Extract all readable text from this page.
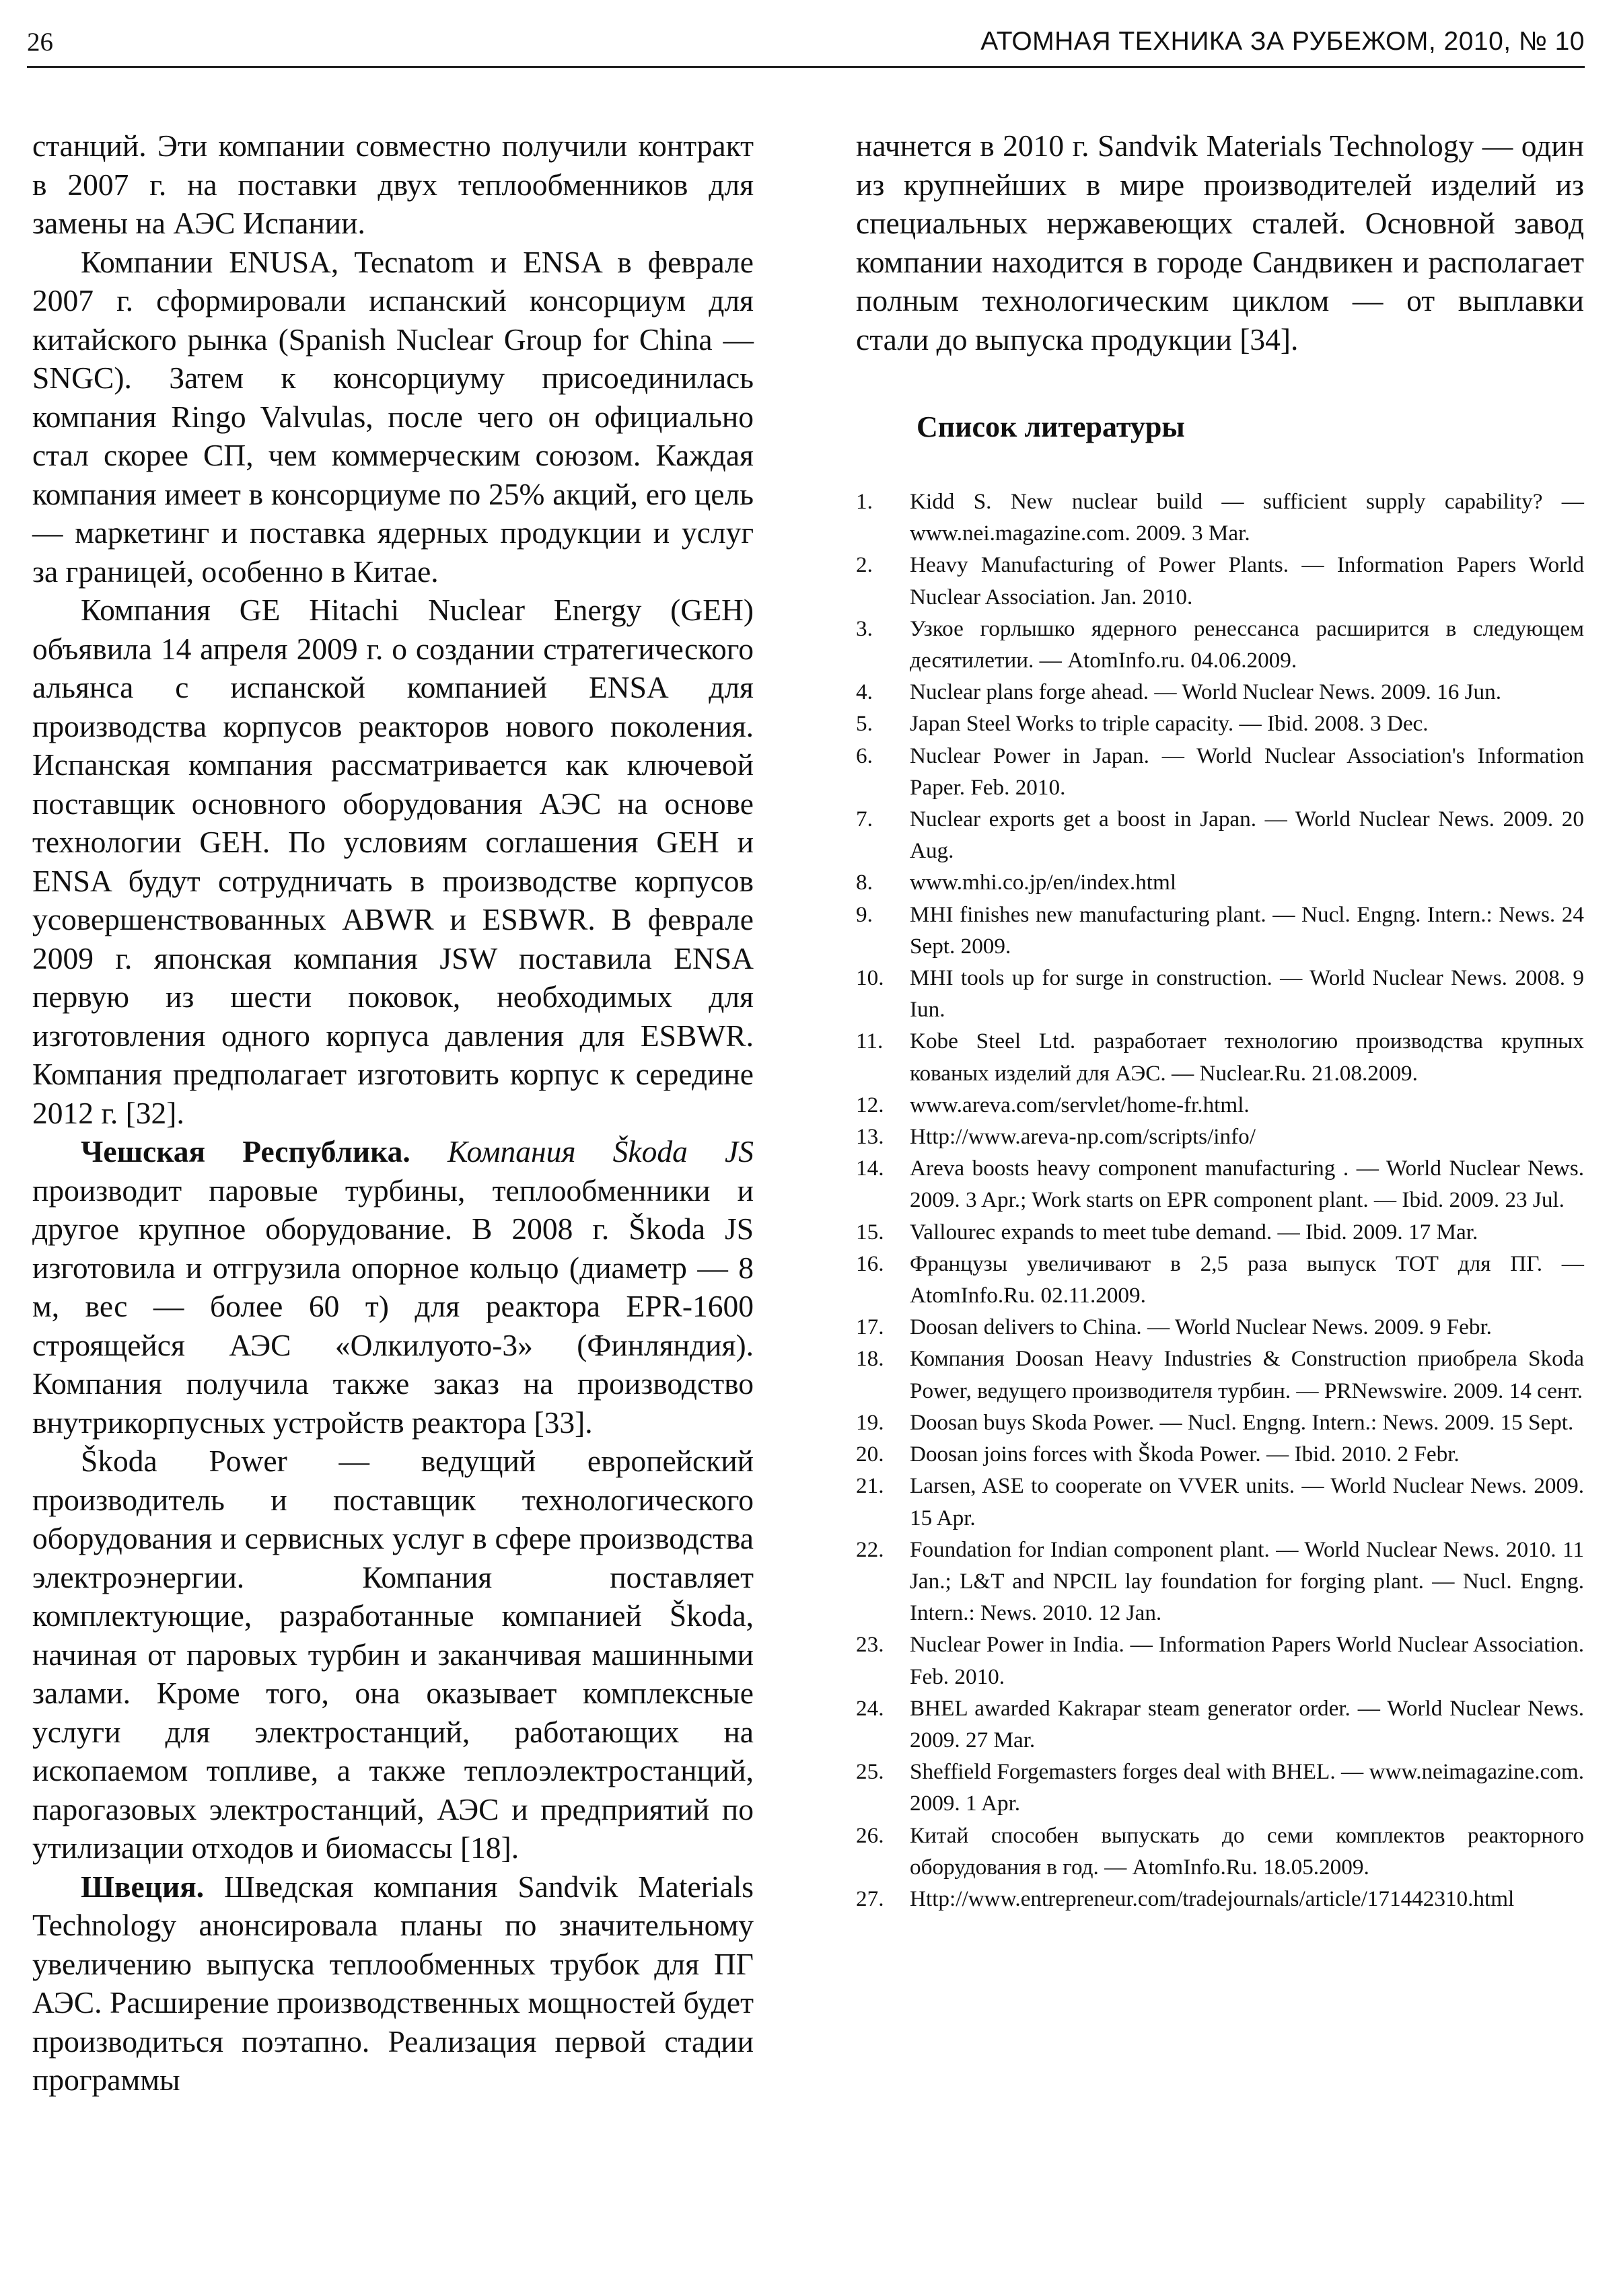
26	АТОМНАЯ ТЕХНИКА ЗА РУБЕЖОМ, 2010, № 10

станций. Эти компании совместно получили контракт в 2007 г. на поставки двух теплообменников для замены на АЭС Испании.

Компании ENUSA, Tecnatom и ENSA в феврале 2007 г. сформировали испанский консорциум для китайского рынка (Spanish Nuclear Group for China — SNGC). Затем к консорциуму присоединилась компания Ringo Valvulas, после чего он официально стал скорее СП, чем коммерческим союзом. Каждая компания имеет в консорциуме по 25% акций, его цель — маркетинг и поставка ядерных продукции и услуг за границей, особенно в Китае.

Компания GE Hitachi Nuclear Energy (GEH) объявила 14 апреля 2009 г. о создании стратегического альянса с испанской компанией ENSA для производства корпусов реакторов нового поколения. Испанская компания рассматривается как ключевой поставщик основного оборудования АЭС на основе технологии GEH. По условиям соглашения GEH и ENSA будут сотрудничать в производстве корпусов усовершенствованных ABWR и ESBWR. В феврале 2009 г. японская компания JSW поставила ENSA первую из шести поковок, необходимых для изготовления одного корпуса давления для ESBWR. Компания предполагает изготовить корпус к середине 2012 г. [32].

Чешская Республика. Компания Škoda JS производит паровые турбины, теплообменники и другое крупное оборудование. В 2008 г. Škoda JS изготовила и отгрузила опорное кольцо (диаметр — 8 м, вес — более 60 т) для реактора EPR-1600 строящейся АЭС «Олкилуото-3» (Финляндия). Компания получила также заказ на производство внутрикорпусных устройств реактора [33].

Škoda Power — ведущий европейский производитель и поставщик технологического оборудования и сервисных услуг в сфере производства электроэнергии. Компания поставляет комплектующие, разработанные компанией Škoda, начиная от паровых турбин и заканчивая машинными залами. Кроме того, она оказывает комплексные услуги для электростанций, работающих на ископаемом топливе, а также теплоэлектростанций, парогазовых электростанций, АЭС и предприятий по утилизации отходов и биомассы [18].

Швеция. Шведская компания Sandvik Materials Technology анонсировала планы по значительному увеличению выпуска теплообменных трубок для ПГ АЭС. Расширение производственных мощностей будет производиться поэтапно. Реализация первой стадии программы

начнется в 2010 г. Sandvik Materials Technology — один из крупнейших в мире производителей изделий из специальных нержавеющих сталей. Основной завод компании находится в городе Сандвикен и располагает полным технологическим циклом — от выплавки стали до выпуска продукции [34].

Список литературы
1. Kidd S. New nuclear build — sufficient supply capability? — www.nei.magazine.com. 2009. 3 Mar.
2. Heavy Manufacturing of Power Plants. — Information Papers World Nuclear Association. Jan. 2010.
3. Узкое горлышко ядерного ренессанса расширится в следующем десятилетии. — AtomInfo.ru. 04.06.2009.
4. Nuclear plans forge ahead. — World Nuclear News. 2009. 16 Jun.
5. Japan Steel Works to triple capacity. — Ibid. 2008. 3 Dec.
6. Nuclear Power in Japan. — World Nuclear Association's Information Paper. Feb. 2010.
7. Nuclear exports get a boost in Japan. — World Nuclear News. 2009. 20 Aug.
8. www.mhi.co.jp/en/index.html
9. MHI finishes new manufacturing plant. — Nucl. Engng. Intern.: News. 24 Sept. 2009.
10. MHI tools up for surge in construction. — World Nuclear News. 2008. 9 Iun.
11. Kobe Steel Ltd. разработает технологию производства крупных кованых изделий для АЭС. — Nuclear.Ru. 21.08.2009.
12. www.areva.com/servlet/home-fr.html.
13. Http://www.areva-np.com/scripts/info/
14. Areva boosts heavy component manufacturing . — World Nuclear News. 2009. 3 Apr.; Work starts on EPR component plant. — Ibid. 2009. 23 Jul.
15. Vallourec expands to meet tube demand. — Ibid. 2009. 17 Mar.
16. Французы увеличивают в 2,5 раза выпуск ТОТ для ПГ. — AtomInfo.Ru. 02.11.2009.
17. Doosan delivers to China. — World Nuclear News. 2009. 9 Febr.
18. Компания Doosan Heavy Industries & Construction приобрела Skoda Power, ведущего производителя турбин. — PRNewswire. 2009. 14 сент.
19. Doosan buys Skoda Power. — Nucl. Engng. Intern.: News. 2009. 15 Sept.
20. Doosan joins forces with Škoda Power. — Ibid. 2010. 2 Febr.
21. Larsen, ASE to cooperate on VVER units. — World Nuclear News. 2009. 15 Apr.
22. Foundation for Indian component plant. — World Nuclear News. 2010. 11 Jan.; L&T and NPCIL lay foundation for forging plant. — Nucl. Engng. Intern.: News. 2010. 12 Jan.
23. Nuclear Power in India. — Information Papers World Nuclear Association. Feb. 2010.
24. BHEL awarded Kakrapar steam generator order. — World Nuclear News. 2009. 27 Mar.
25. Sheffield Forgemasters forges deal with BHEL. — www.neimagazine.com. 2009. 1 Apr.
26. Китай способен выпускать до семи комплектов реакторного оборудования в год. — AtomInfo.Ru. 18.05.2009.
27. Http://www.entrepreneur.com/tradejournals/article/171442310.html
